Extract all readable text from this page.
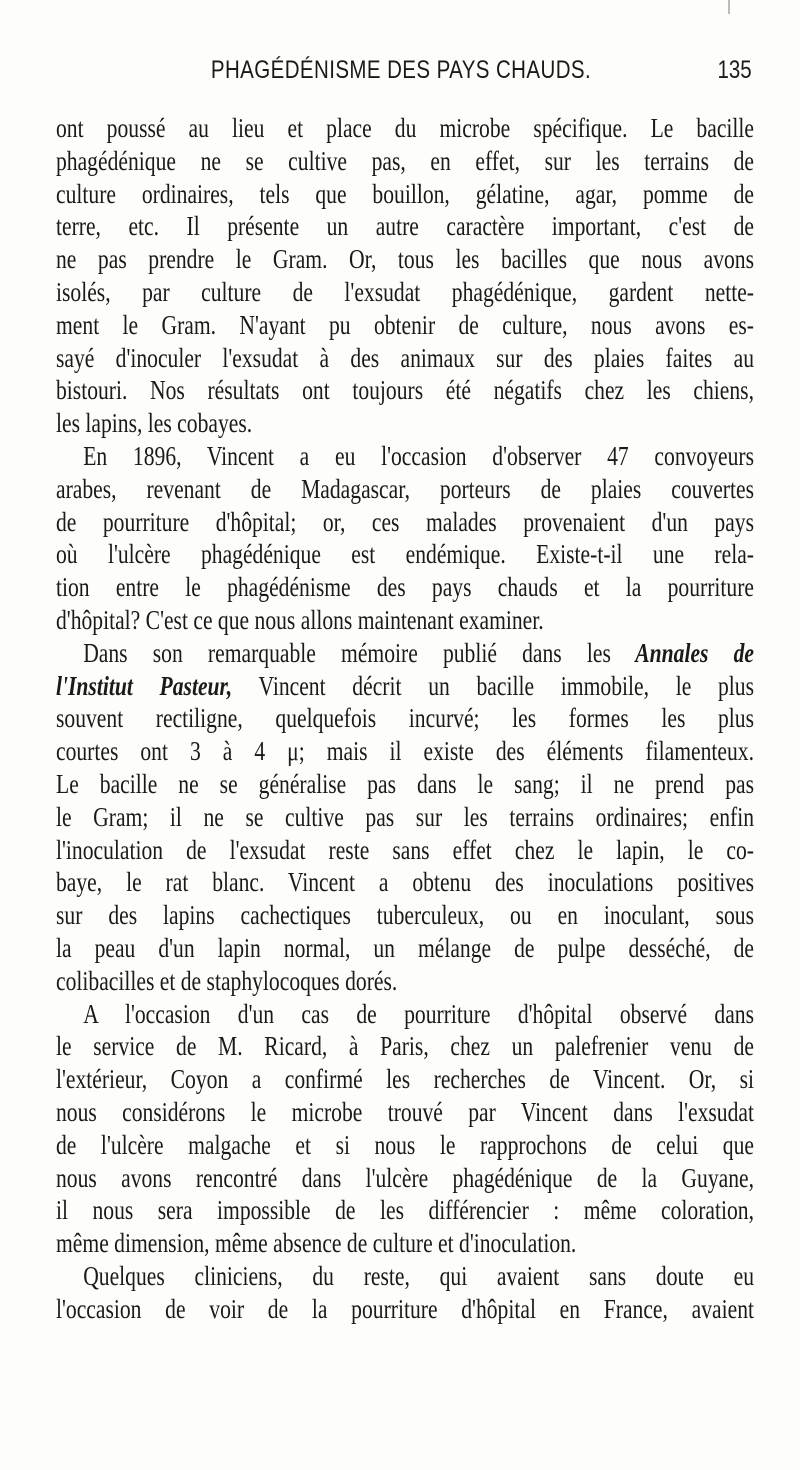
PHAGÉDÉNISME DES PAYS CHAUDS.	135
ont poussé au lieu et place du microbe spécifique. Le bacille
phagédénique ne se cultive pas, en effet, sur les terrains de
culture ordinaires, tels que bouillon, gélatine, agar, pomme de
terre, etc. Il présente un autre caractère important, c'est de
ne pas prendre le Gram. Or, tous les bacilles que nous avons
isolés, par culture de l'exsudat phagédénique, gardent nette-
ment le Gram. N'ayant pu obtenir de culture, nous avons es-
sayé d'inoculer l'exsudat à des animaux sur des plaies faites au
bistouri. Nos résultats ont toujours été négatifs chez les chiens,
les lapins, les cobayes.
En 1896, Vincent a eu l'occasion d'observer 47 convoyeurs
arabes, revenant de Madagascar, porteurs de plaies couvertes
de pourriture d'hôpital; or, ces malades provenaient d'un pays
où l'ulcère phagédénique est endémique. Existe-t-il une rela-
tion entre le phagédénisme des pays chauds et la pourriture
d'hôpital? C'est ce que nous allons maintenant examiner.
Dans son remarquable mémoire publié dans les Annales de
l'Institut Pasteur, Vincent décrit un bacille immobile, le plus
souvent rectiligne, quelquefois incurvé; les formes les plus
courtes ont 3 à 4 μ; mais il existe des éléments filamenteux.
Le bacille ne se généralise pas dans le sang; il ne prend pas
le Gram; il ne se cultive pas sur les terrains ordinaires; enfin
l'inoculation de l'exsudat reste sans effet chez le lapin, le co-
baye, le rat blanc. Vincent a obtenu des inoculations positives
sur des lapins cachectiques tuberculeux, ou en inoculant, sous
la peau d'un lapin normal, un mélange de pulpe desséché, de
colibacilles et de staphylocoques dorés.
A l'occasion d'un cas de pourriture d'hôpital observé dans
le service de M. Ricard, à Paris, chez un palefrenier venu de
l'extérieur, Coyon a confirmé les recherches de Vincent. Or, si
nous considérons le microbe trouvé par Vincent dans l'exsudat
de l'ulcère malgache et si nous le rapprochons de celui que
nous avons rencontré dans l'ulcère phagédénique de la Guyane,
il nous sera impossible de les différencier : même coloration,
même dimension, même absence de culture et d'inoculation.
Quelques cliniciens, du reste, qui avaient sans doute eu
l'occasion de voir de la pourriture d'hôpital en France, avaient
